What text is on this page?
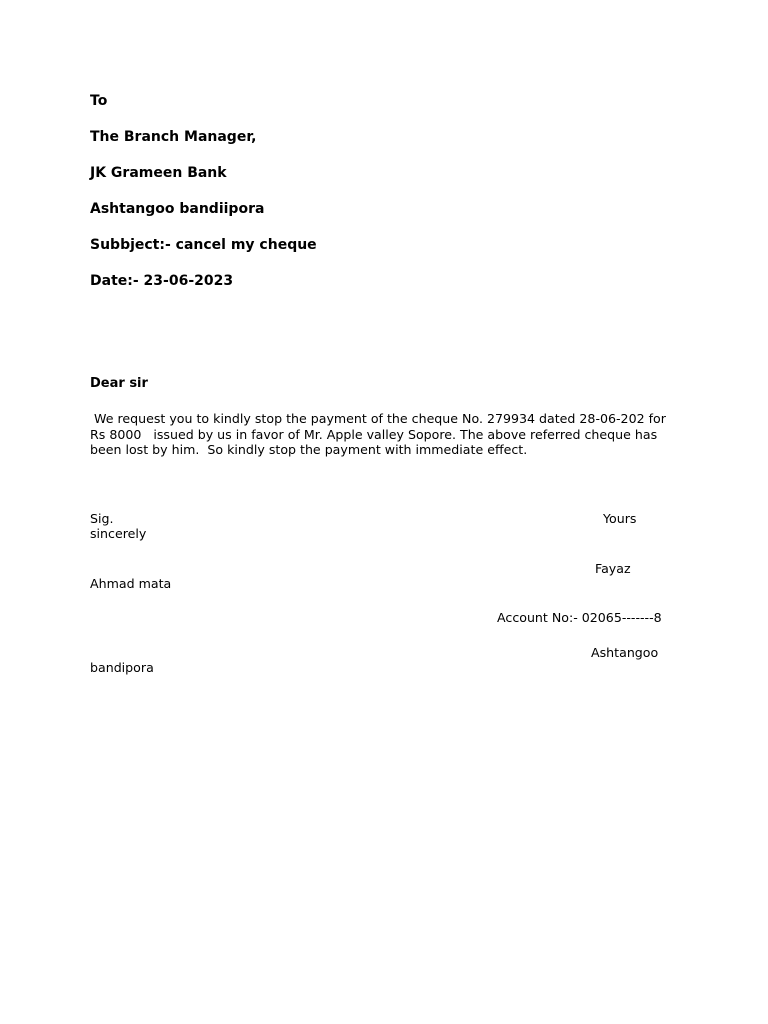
To
The Branch Manager,
JK Grameen Bank
Ashtangoo bandiipora
Subbject:- cancel my cheque
Date:- 23-06-2023
Dear sir
We request you to kindly stop the payment of the cheque No. 279934 dated 28-06-202 for Rs 8000   issued by us in favor of Mr. Apple valley Sopore. The above referred cheque has been lost by him.  So kindly stop the payment with immediate effect.
Sig.	Yours
sincerely
Fayaz
Ahmad mata
Account No:- 02065-------8
Ashtangoo
bandipora
